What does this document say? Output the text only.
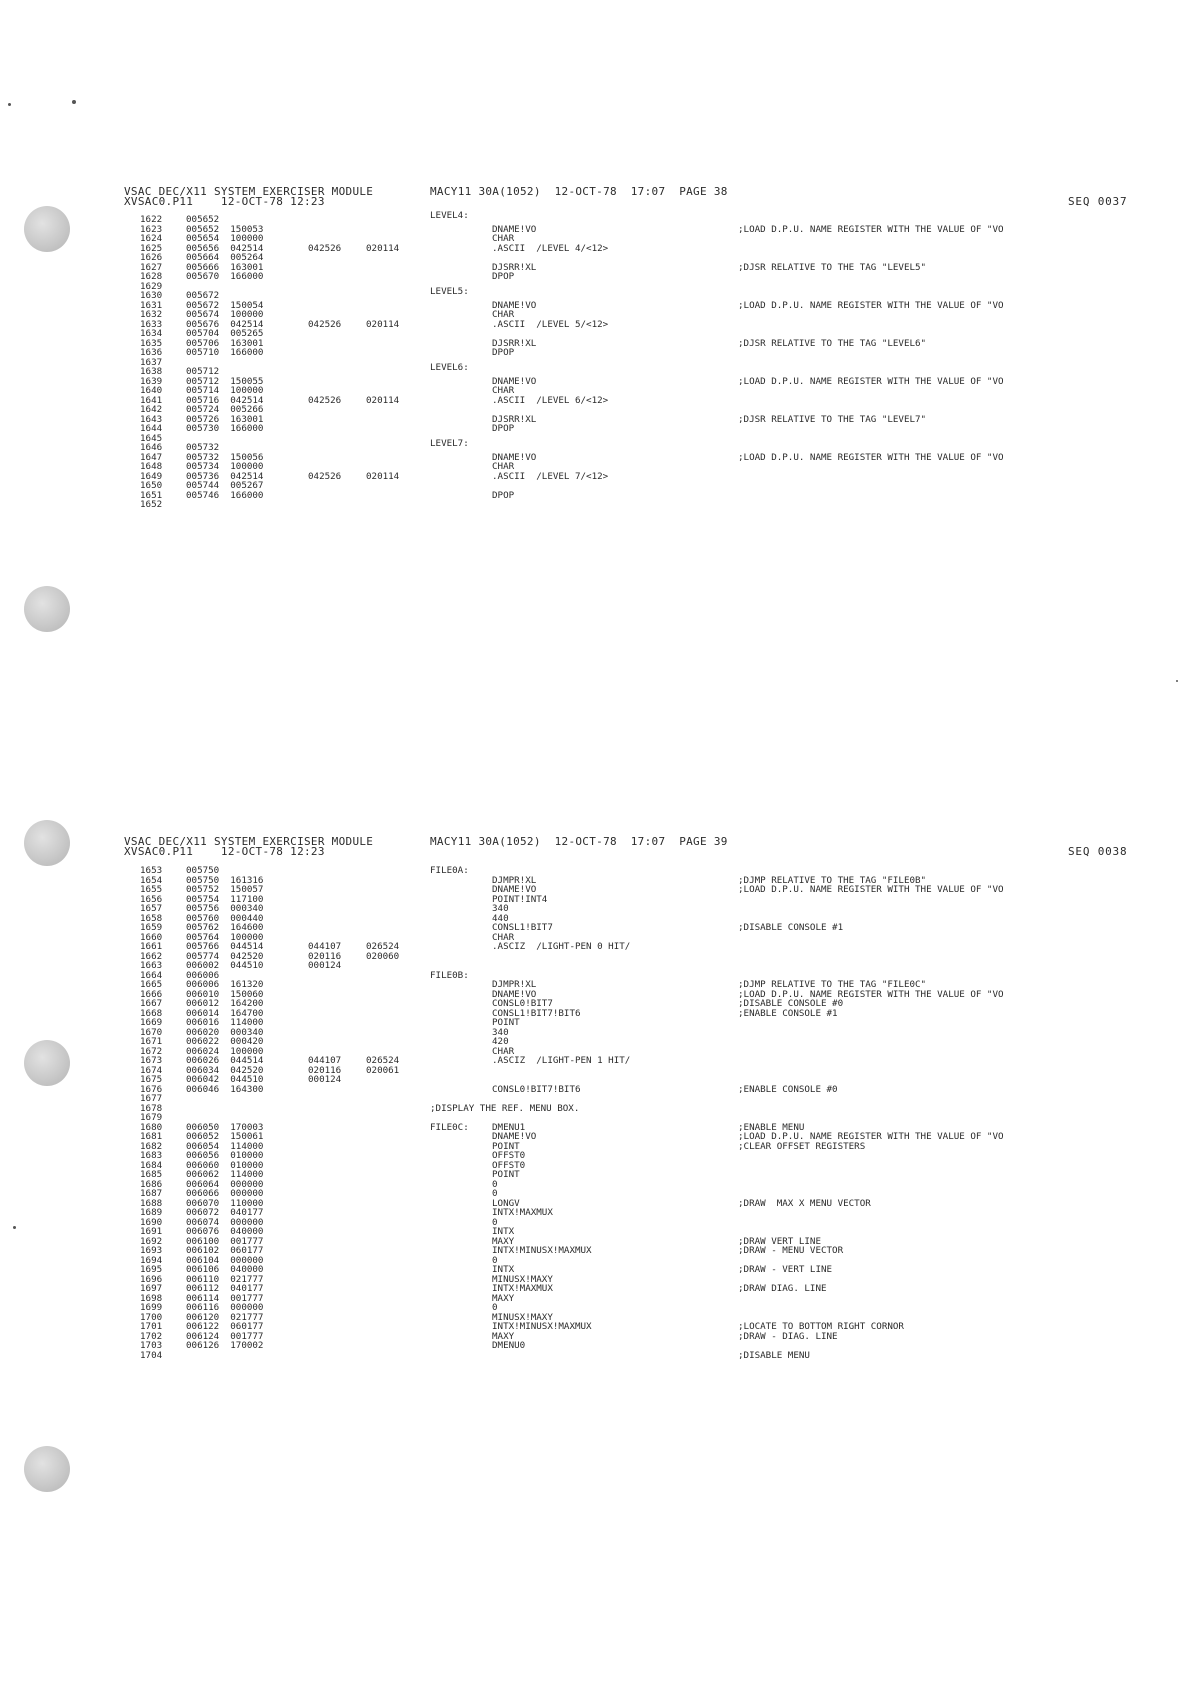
VSAC DEC/X11 SYSTEM EXERCISER MODULE
XVSAC0.P11    12-OCT-78 12:23
MACY11 30A(1052)  12-OCT-78  17:07  PAGE 38
SEQ 0037
1622
1623
1624
1625
1626
1627
1628
1629
1630
1631
1632
1633
1634
1635
1636
1637
1638
1639
1640
1641
1642
1643
1644
1645
1646
1647
1648
1649
1650
1651
1652
005652
005652  150053
005654  100000
005656  042514
005664  005264
005666  163001
005670  166000
005672
005672  150054
005674  100000
005676  042514
005704  005265
005706  163001
005710  166000
005712
005712  150055
005714  100000
005716  042514
005724  005266
005726  163001
005730  166000
005732
005732  150056
005734  100000
005736  042514
005744  005267
005746  166000
042526
042526
042526
042526
020114
020114
020114
020114
LEVEL4:
LEVEL5:
LEVEL6:
LEVEL7:
DNAME!VO
CHAR
.ASCII  /LEVEL 4/<12>
DJSRR!XL
DPOP
DNAME!VO
CHAR
.ASCII  /LEVEL 5/<12>
DJSRR!XL
DPOP
DNAME!VO
CHAR
.ASCII  /LEVEL 6/<12>
DJSRR!XL
DPOP
DNAME!VO
CHAR
.ASCII  /LEVEL 7/<12>
DPOP
;LOAD D.P.U. NAME REGISTER WITH THE VALUE OF "VO
;DJSR RELATIVE TO THE TAG "LEVEL5"
;LOAD D.P.U. NAME REGISTER WITH THE VALUE OF "VO
;DJSR RELATIVE TO THE TAG "LEVEL6"
;LOAD D.P.U. NAME REGISTER WITH THE VALUE OF "VO
;DJSR RELATIVE TO THE TAG "LEVEL7"
;LOAD D.P.U. NAME REGISTER WITH THE VALUE OF "VO
VSAC DEC/X11 SYSTEM EXERCISER MODULE
XVSAC0.P11    12-OCT-78 12:23
MACY11 30A(1052)  12-OCT-78  17:07  PAGE 39
SEQ 0038
1653
1654
1655
1656
1657
1658
1659
1660
1661
1662
1663
1664
1665
1666
1667
1668
1669
1670
1671
1672
1673
1674
1675
1676
1677
1678
1679
1680
1681
1682
1683
1684
1685
1686
1687
1688
1689
1690
1691
1692
1693
1694
1695
1696
1697
1698
1699
1700
1701
1702
1703
1704
005750
005750  161316
005752  150057
005754  117100
005756  000340
005760  000440
005762  164600
005764  100000
005766  044514
005774  042520
006002  044510
006006
006006  161320
006010  150060
006012  164200
006014  164700
006016  114000
006020  000340
006022  000420
006024  100000
006026  044514
006034  042520
006042  044510
006046  164300
006050  170003
006052  150061
006054  114000
006056  010000
006060  010000
006062  114000
006064  000000
006066  000000
006070  110000
006072  040177
006074  000000
006076  040000
006100  001777
006102  060177
006104  000000
006106  040000
006110  021777
006112  040177
006114  001777
006116  000000
006120  021777
006122  060177
006124  001777
006126  170002
044107
020116
000124
044107
020116
000124
026524
020060
026524
020061
FILE0A:
FILE0B:
;DISPLAY THE REF. MENU BOX.
FILE0C:
DJMPR!XL
DNAME!VO
POINT!INT4
340
440
CONSL1!BIT7
CHAR
.ASCIZ  /LIGHT-PEN 0 HIT/
DJMPR!XL
DNAME!VO
CONSL0!BIT7
CONSL1!BIT7!BIT6
POINT
340
420
CHAR
.ASCIZ  /LIGHT-PEN 1 HIT/
CONSL0!BIT7!BIT6
DMENU1
DNAME!VO
POINT
OFFST0
OFFST0
POINT
0
0
LONGV
INTX!MAXMUX
0
INTX
MAXY
INTX!MINUSX!MAXMUX
0
INTX
MINUSX!MAXY
INTX!MAXMUX
MAXY
0
MINUSX!MAXY
INTX!MINUSX!MAXMUX
MAXY
DMENU0
;DJMP RELATIVE TO THE TAG "FILE0B"
;LOAD D.P.U. NAME REGISTER WITH THE VALUE OF "VO
;DISABLE CONSOLE #1
;DJMP RELATIVE TO THE TAG "FILE0C"
;LOAD D.P.U. NAME REGISTER WITH THE VALUE OF "VO
;DISABLE CONSOLE #0
;ENABLE CONSOLE #1
;ENABLE CONSOLE #0
;ENABLE MENU
;LOAD D.P.U. NAME REGISTER WITH THE VALUE OF "VO
;CLEAR OFFSET REGISTERS
;DRAW  MAX X MENU VECTOR
;DRAW VERT LINE
;DRAW - MENU VECTOR
;DRAW - VERT LINE
;DRAW DIAG. LINE
;LOCATE TO BOTTOM RIGHT CORNOR
;DRAW - DIAG. LINE
;DISABLE MENU
